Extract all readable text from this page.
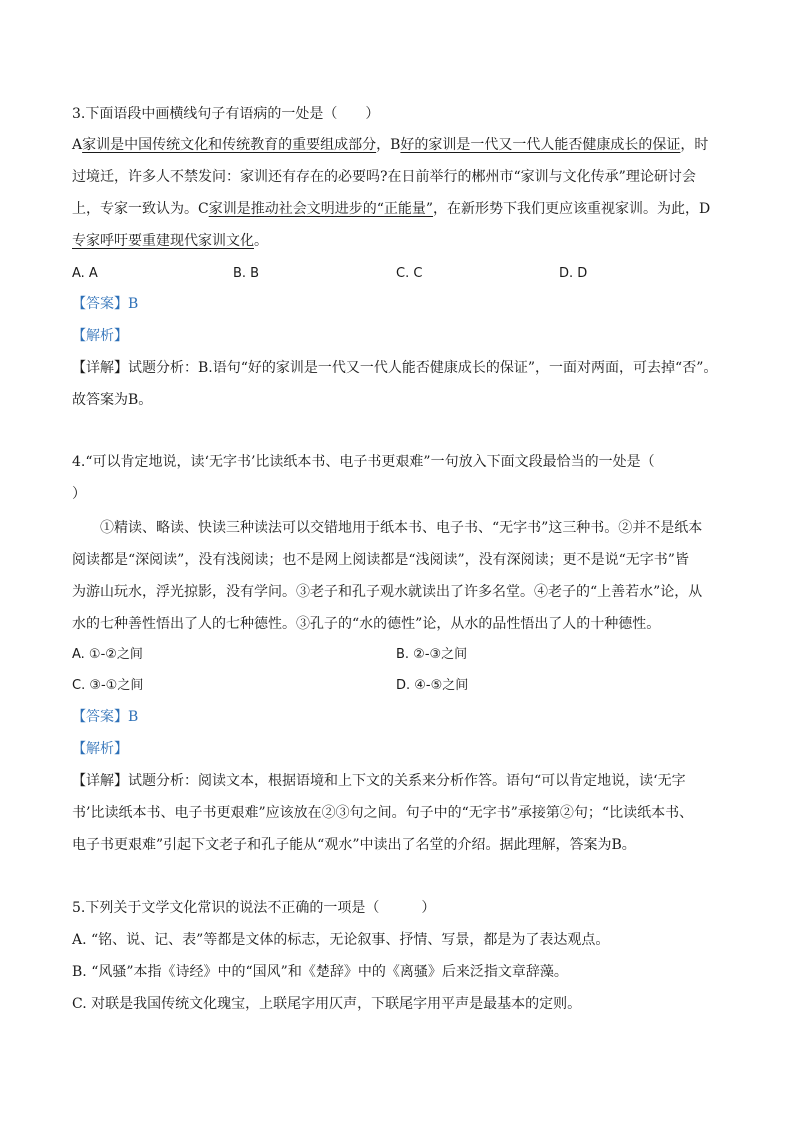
3.下面语段中画横线句子有语病的一处是（　　）
A家训是中国传统文化和传统教育的重要组成部分，B好的家训是一代又一代人能否健康成长的保证，时
过境迁，许多人不禁发问：家训还有存在的必要吗?在日前举行的郴州市“家训与文化传承”理论研讨会
上，专家一致认为。C家训是推动社会文明进步的“正能量”，在新形势下我们更应该重视家训。为此，D
专家呼吁要重建现代家训文化。
A. A	B. B	C. C	D. D
【答案】B
【解析】
【详解】试题分析：B.语句“好的家训是一代又一代人能否健康成长的保证”，一面对两面，可去掉“否”。
故答案为B。
4.“可以肯定地说，读‘无字书’比读纸本书、电子书更艰难”一句放入下面文段最恰当的一处是（
）
①精读、略读、快读三种读法可以交错地用于纸本书、电子书、“无字书”这三种书。②并不是纸本
阅读都是“深阅读”，没有浅阅读；也不是网上阅读都是“浅阅读”，没有深阅读；更不是说“无字书”皆
为游山玩水，浮光掠影，没有学问。③老子和孔子观水就读出了许多名堂。④老子的“上善若水”论，从
水的七种善性悟出了人的七种德性。③孔子的“水的德性”论，从水的品性悟出了人的十种德性。
A. ①-②之间	B. ②-③之间
C. ③-①之间	D. ④-⑤之间
【答案】B
【解析】
【详解】试题分析：阅读文本，根据语境和上下文的关系来分析作答。语句“可以肯定地说，读‘无字
书’比读纸本书、电子书更艰难”应该放在②③句之间。句子中的“无字书”承接第②句；“比读纸本书、
电子书更艰难”引起下文老子和孔子能从“观水”中读出了名堂的介绍。据此理解，答案为B。
5.下列关于文学文化常识的说法不正确的一项是（　　　）
A. “铭、说、记、表”等都是文体的标志，无论叙事、抒情、写景，都是为了表达观点。
B. “风骚”本指《诗经》中的“国风”和《楚辞》中的《离骚》后来泛指文章辞藻。
C. 对联是我国传统文化瑰宝，上联尾字用仄声，下联尾字用平声是最基本的定则。
